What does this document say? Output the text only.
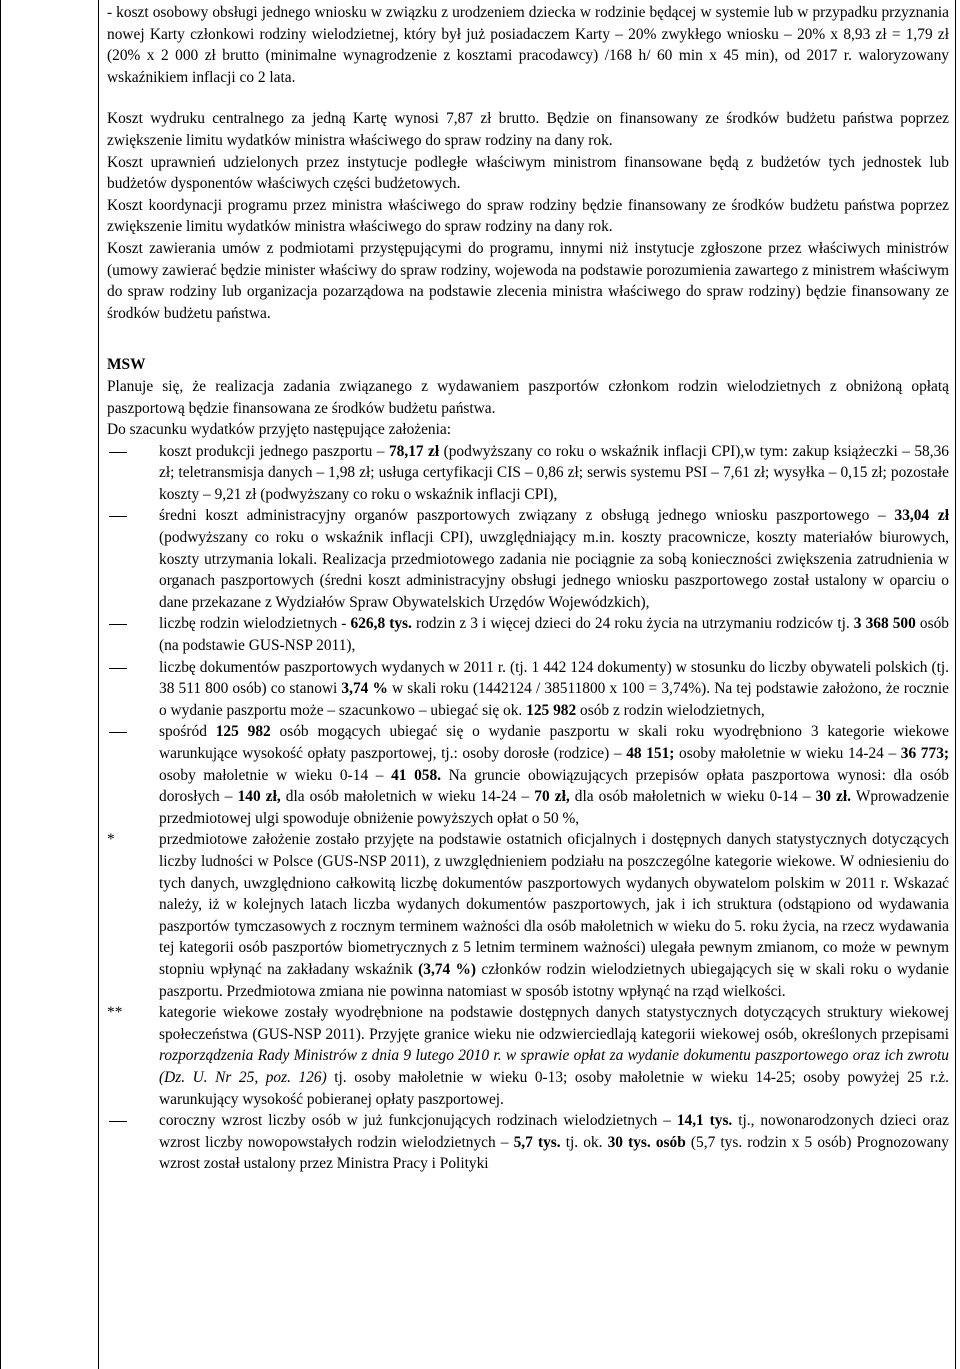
- koszt osobowy obsługi jednego wniosku w związku z urodzeniem dziecka w rodzinie będącej w systemie lub w przypadku przyznania nowej Karty członkowi rodziny wielodzietnej, który był już posiadaczem Karty – 20% zwykłego wniosku – 20% x 8,93 zł = 1,79 zł (20% x 2 000 zł brutto (minimalne wynagrodzenie z kosztami pracodawcy) /168 h/ 60 min x 45 min), od 2017 r. waloryzowany wskaźnikiem inflacji co 2 lata.

Koszt wydruku centralnego za jedną Kartę wynosi 7,87 zł brutto. Będzie on finansowany ze środków budżetu państwa poprzez zwiększenie limitu wydatków ministra właściwego do spraw rodziny na dany rok.

Koszt uprawnień udzielonych przez instytucje podległe właściwym ministrom finansowane będą z budżetów tych jednostek lub budżetów dysponentów właściwych części budżetowych.

Koszt koordynacji programu przez ministra właściwego do spraw rodziny będzie finansowany ze środków budżetu państwa poprzez zwiększenie limitu wydatków ministra właściwego do spraw rodziny na dany rok.

Koszt zawierania umów z podmiotami przystępującymi do programu, innymi niż instytucje zgłoszone przez właściwych ministrów (umowy zawierać będzie minister właściwy do spraw rodziny, wojewoda na podstawie porozumienia zawartego z ministrem właściwym do spraw rodziny lub organizacja pozarządowa na podstawie zlecenia ministra właściwego do spraw rodziny) będzie finansowany ze środków budżetu państwa.

MSW

Planuje się, że realizacja zadania związanego z wydawaniem paszportów członkom rodzin wielodzietnych z obniżoną opłatą paszportową będzie finansowana ze środków budżetu państwa.

Do szacunku wydatków przyjęto następujące założenia:

koszt produkcji jednego paszportu – 78,17 zł (podwyższany co roku o wskaźnik inflacji CPI),w tym: zakup książeczki – 58,36 zł; teletransmisja danych – 1,98 zł; usługa certyfikacji CIS – 0,86 zł; serwis systemu PSI – 7,61 zł; wysyłka – 0,15 zł; pozostałe koszty – 9,21 zł (podwyższany co roku o wskaźnik inflacji CPI),
średni koszt administracyjny organów paszportowych związany z obsługą jednego wniosku paszportowego – 33,04 zł (podwyższany co roku o wskaźnik inflacji CPI), uwzględniający m.in. koszty pracownicze, koszty materiałów biurowych, koszty utrzymania lokali. Realizacja przedmiotowego zadania nie pociągnie za sobą konieczności zwiększenia zatrudnienia w organach paszportowych (średni koszt administracyjny obsługi jednego wniosku paszportowego został ustalony w oparciu o dane przekazane z Wydziałów Spraw Obywatelskich Urzędów Wojewódzkich),
liczbę rodzin wielodzietnych - 626,8 tys. rodzin z 3 i więcej dzieci do 24 roku życia na utrzymaniu rodziców tj. 3 368 500 osób (na podstawie GUS-NSP 2011),
liczbę dokumentów paszportowych wydanych w 2011 r. (tj. 1 442 124 dokumenty) w stosunku do liczby obywateli polskich (tj. 38 511 800 osób) co stanowi 3,74 % w skali roku (1442124 / 38511800 x 100 = 3,74%). Na tej podstawie założono, że rocznie o wydanie paszportu może – szacunkowo – ubiegać się ok. 125 982 osób z rodzin wielodzietnych,
spośród 125 982 osób mogących ubiegać się o wydanie paszportu w skali roku wyodrębniono 3 kategorie wiekowe warunkujące wysokość opłaty paszportowej, tj.: osoby dorosłe (rodzice) – 48 151; osoby małoletnie w wieku 14-24 – 36 773; osoby małoletnie w wieku 0-14 – 41 058. Na gruncie obowiązujących przepisów opłata paszportowa wynosi: dla osób dorosłych – 140 zł, dla osób małoletnich w wieku 14-24 – 70 zł, dla osób małoletnich w wieku 0-14 – 30 zł. Wprowadzenie przedmiotowej ulgi spowoduje obniżenie powyższych opłat o 50 %,
*	przedmiotowe założenie zostało przyjęte na podstawie ostatnich oficjalnych i dostępnych danych statystycznych dotyczących liczby ludności w Polsce (GUS-NSP 2011), z uwzględnieniem podziału na poszczególne kategorie wiekowe. W odniesieniu do tych danych, uwzględniono całkowitą liczbę dokumentów paszportowych wydanych obywatelom polskim w 2011 r. Wskazać należy, iż w kolejnych latach liczba wydanych dokumentów paszportowych, jak i ich struktura (odstąpiono od wydawania paszportów tymczasowych z rocznym terminem ważności dla osób małoletnich w wieku do 5. roku życia, na rzecz wydawania tej kategorii osób paszportów biometrycznych z 5 letnim terminem ważności) ulegała pewnym zmianom, co może w pewnym stopniu wpłynąć na zakładany wskaźnik (3,74 %) członków rodzin wielodzietnych ubiegających się w skali roku o wydanie paszportu. Przedmiotowa zmiana nie powinna natomiast w sposób istotny wpłynąć na rząd wielkości.
** kategorie wiekowe zostały wyodrębnione na podstawie dostępnych danych statystycznych dotyczących struktury wiekowej społeczeństwa (GUS-NSP 2011). Przyjęte granice wieku nie odzwierciedlają kategorii wiekowej osób, określonych przepisami rozporządzenia Rady Ministrów z dnia 9 lutego 2010 r. w sprawie opłat za wydanie dokumentu paszportowego oraz ich zwrotu (Dz. U. Nr 25, poz. 126) tj. osoby małoletnie w wieku 0-13; osoby małoletnie w wieku 14-25; osoby powyżej 25 r.ż. warunkujący wysokość pobieranej opłaty paszportowej.
coroczny wzrost liczby osób w już funkcjonujących rodzinach wielodzietnych – 14,1 tys. tj., nowonarodzonych dzieci oraz wzrost liczby nowopowstałych rodzin wielodzietnych – 5,7 tys. tj. ok. 30 tys. osób (5,7 tys. rodzin x 5 osób) Prognozowany wzrost został ustalony przez Ministra Pracy i Polityki
